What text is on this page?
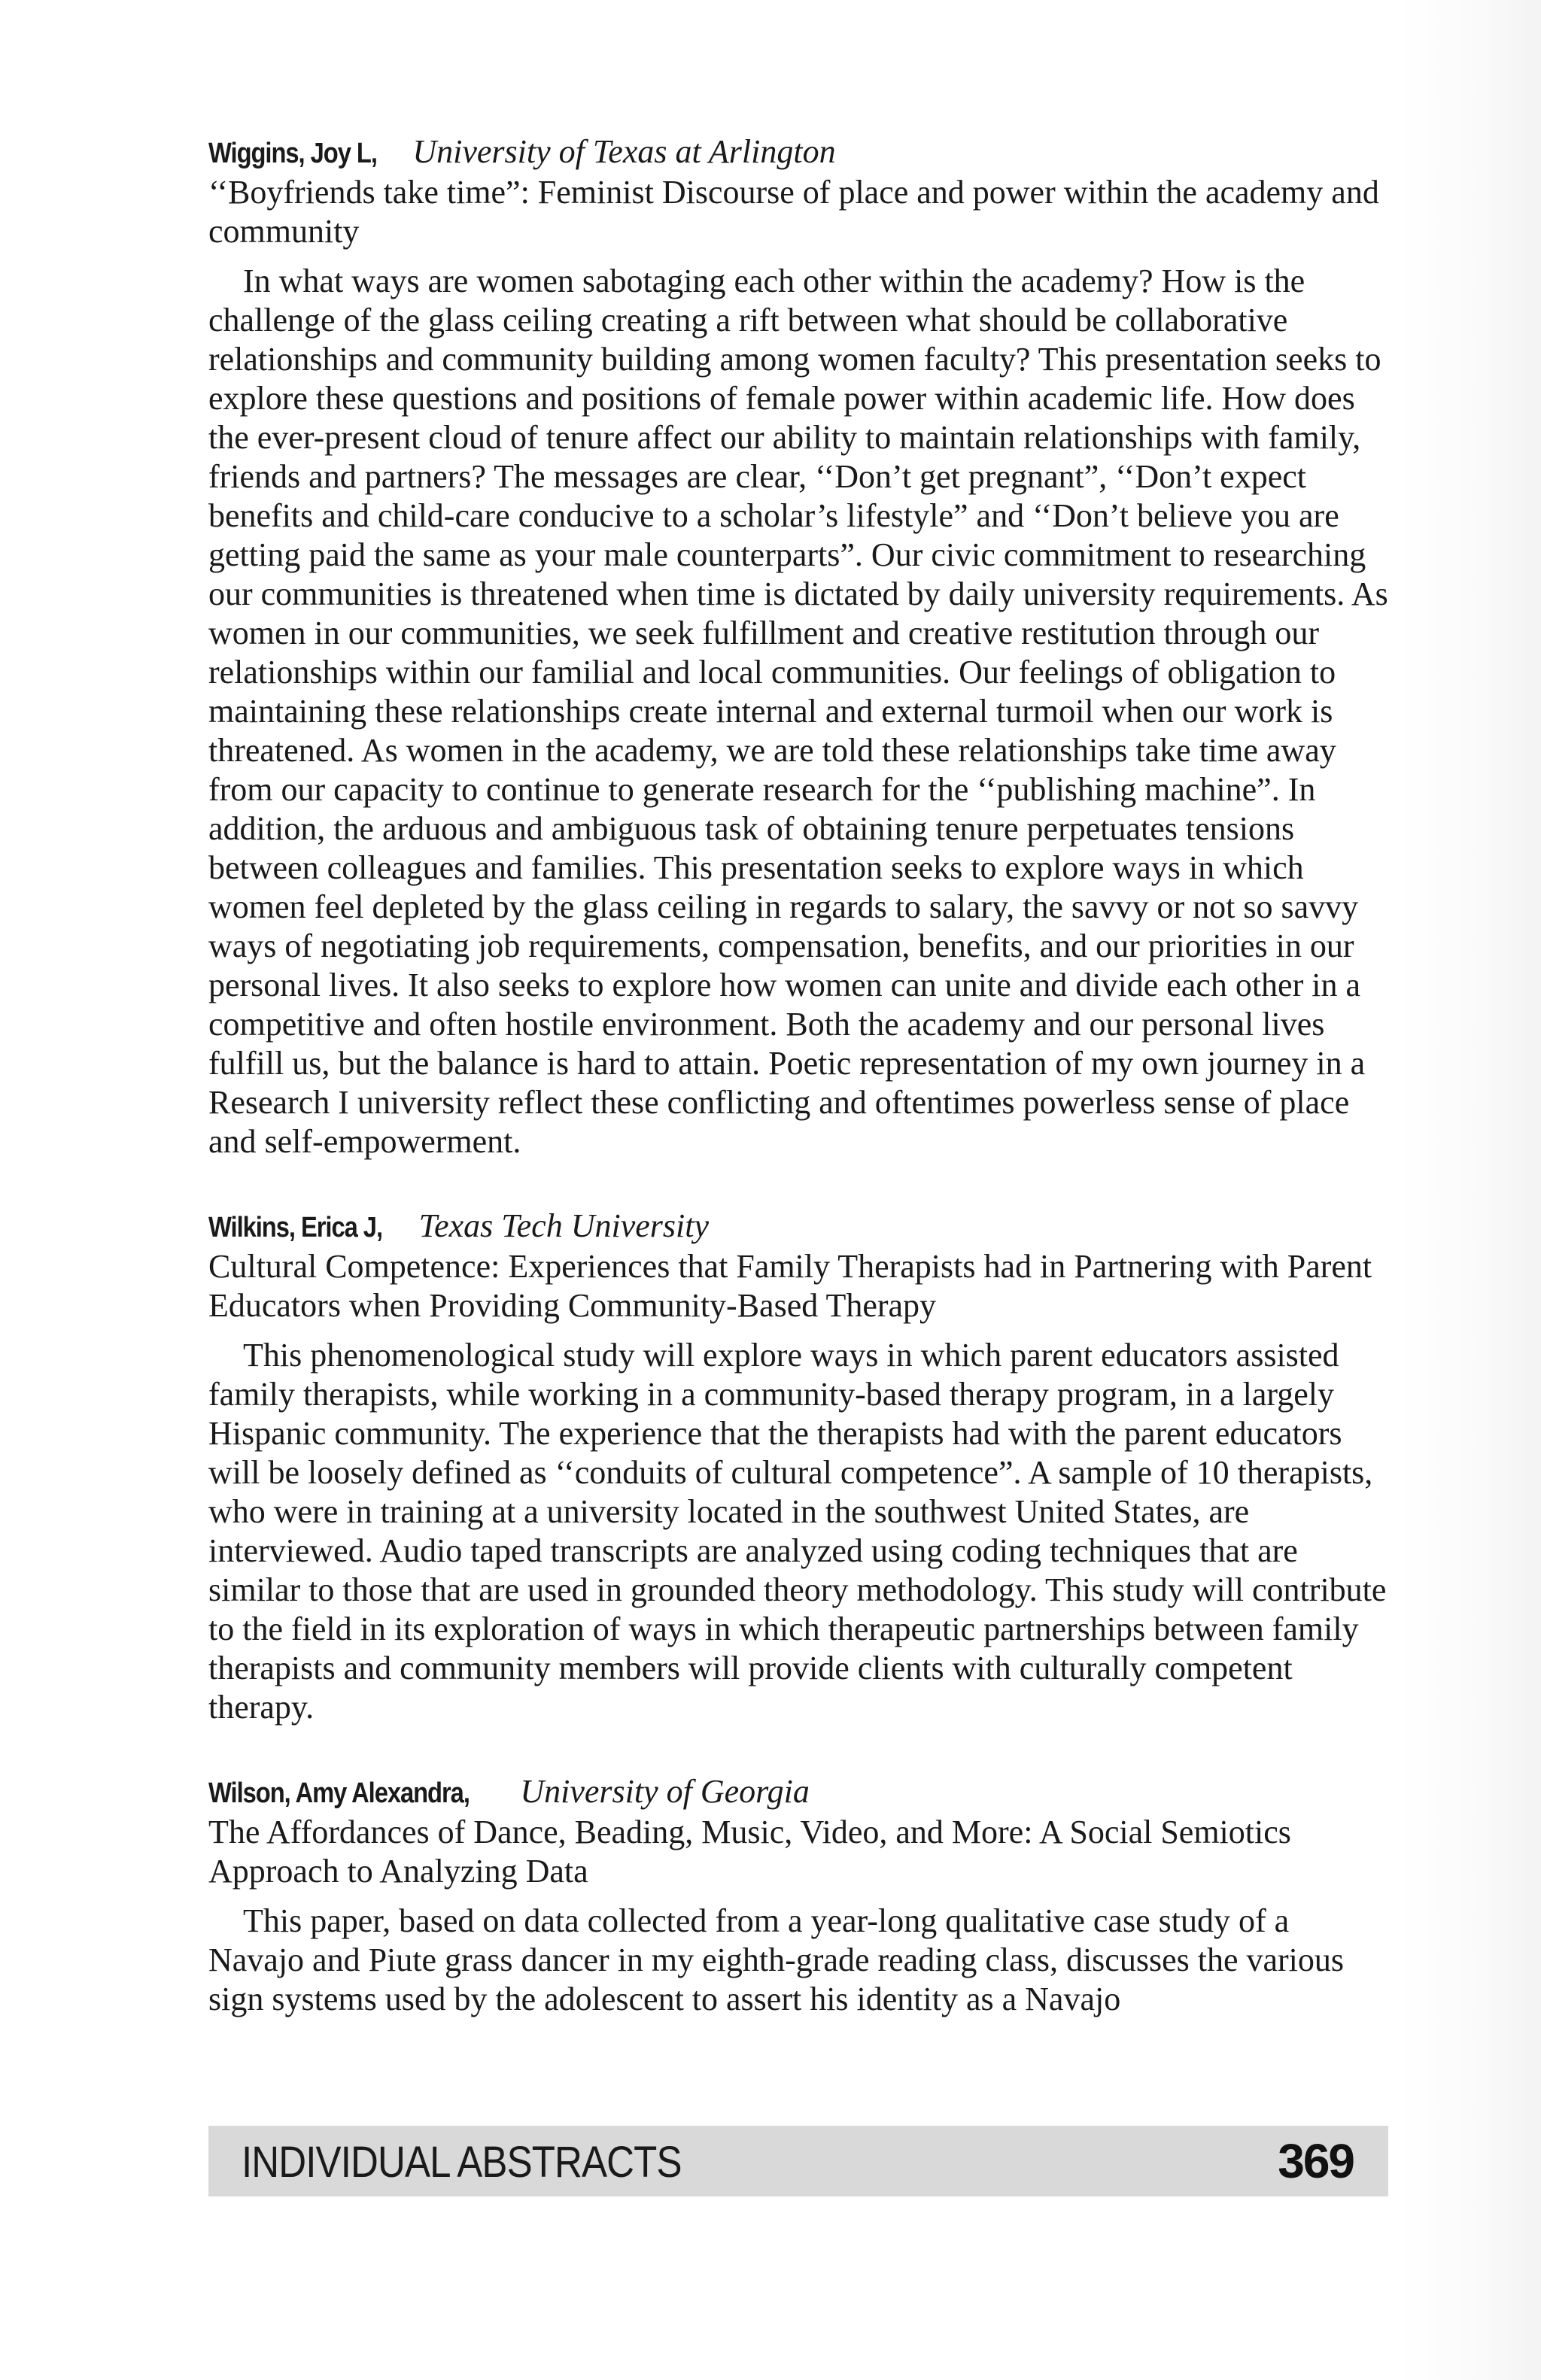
Wiggins, Joy L, University of Texas at Arlington
‘‘Boyfriends take time”: Feminist Discourse of place and power within the academy and community

In what ways are women sabotaging each other within the academy? How is the challenge of the glass ceiling creating a rift between what should be collaborative relationships and community building among women faculty? This presentation seeks to explore these questions and positions of female power within academic life. How does the ever-present cloud of tenure affect our ability to maintain relationships with family, friends and partners? The messages are clear, ‘‘Don’t get pregnant”, ‘‘Don’t expect benefits and child-care conducive to a scholar’s lifestyle” and ‘‘Don’t believe you are getting paid the same as your male counterparts”. Our civic commitment to researching our communities is threatened when time is dictated by daily university requirements. As women in our communities, we seek fulfillment and creative restitution through our relationships within our familial and local communities. Our feelings of obligation to maintaining these relationships create internal and external turmoil when our work is threatened. As women in the academy, we are told these relationships take time away from our capacity to continue to generate research for the ‘‘publishing machine”. In addition, the arduous and ambiguous task of obtaining tenure perpetuates tensions between colleagues and families. This presentation seeks to explore ways in which women feel depleted by the glass ceiling in regards to salary, the savvy or not so savvy ways of negotiating job requirements, compensation, benefits, and our priorities in our personal lives. It also seeks to explore how women can unite and divide each other in a competitive and often hostile environment. Both the academy and our personal lives fulfill us, but the balance is hard to attain. Poetic representation of my own journey in a Research I university reflect these conflicting and oftentimes powerless sense of place and self-empowerment.

Wilkins, Erica J, Texas Tech University
Cultural Competence: Experiences that Family Therapists had in Partnering with Parent Educators when Providing Community-Based Therapy

This phenomenological study will explore ways in which parent educators assisted family therapists, while working in a community-based therapy program, in a largely Hispanic community. The experience that the therapists had with the parent educators will be loosely defined as ‘‘conduits of cultural competence”. A sample of 10 therapists, who were in training at a university located in the southwest United States, are interviewed. Audio taped transcripts are analyzed using coding techniques that are similar to those that are used in grounded theory methodology. This study will contribute to the field in its exploration of ways in which therapeutic partnerships between family therapists and community members will provide clients with culturally competent therapy.

Wilson, Amy Alexandra, University of Georgia
The Affordances of Dance, Beading, Music, Video, and More: A Social Semiotics Approach to Analyzing Data

This paper, based on data collected from a year-long qualitative case study of a Navajo and Piute grass dancer in my eighth-grade reading class, discusses the various sign systems used by the adolescent to assert his identity as a Navajo

INDIVIDUAL ABSTRACTS	369
